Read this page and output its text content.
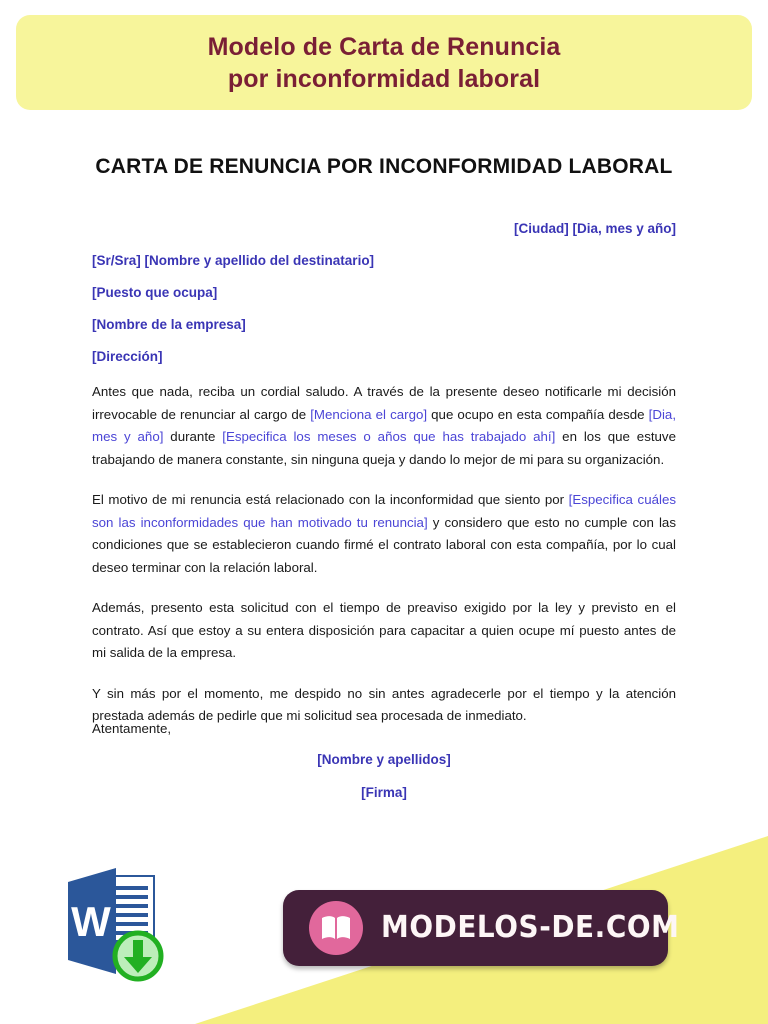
Modelo de Carta de Renuncia
por inconformidad laboral
CARTA DE RENUNCIA POR INCONFORMIDAD LABORAL
[Ciudad] [Dia, mes y año]
[Sr/Sra] [Nombre y apellido del destinatario]
[Puesto que ocupa]
[Nombre de la empresa]
[Dirección]

Antes que nada, reciba un cordial saludo. A través de la presente deseo notificarle mi decisión irrevocable de renunciar al cargo de [Menciona el cargo] que ocupo en esta compañía desde [Dia, mes y año] durante [Especifica los meses o años que has trabajado ahí] en los que estuve trabajando de manera constante, sin ninguna queja y dando lo mejor de mi para su organización.

El motivo de mi renuncia está relacionado con la inconformidad que siento por [Especifica cuáles son las inconformidades que han motivado tu renuncia] y considero que esto no cumple con las condiciones que se establecieron cuando firmé el contrato laboral con esta compañía, por lo cual deseo terminar con la relación laboral.

Además, presento esta solicitud con el tiempo de preaviso exigido por la ley y previsto en el contrato. Así que estoy a su entera disposición para capacitar a quien ocupe mí puesto antes de mi salida de la empresa.

Y sin más por el momento, me despido no sin antes agradecerle por el tiempo y la atención prestada además de pedirle que mi solicitud sea procesada de inmediato.

Atentamente,
[Nombre y apellidos]
[Firma]
W	MODELOS-DE.COM
